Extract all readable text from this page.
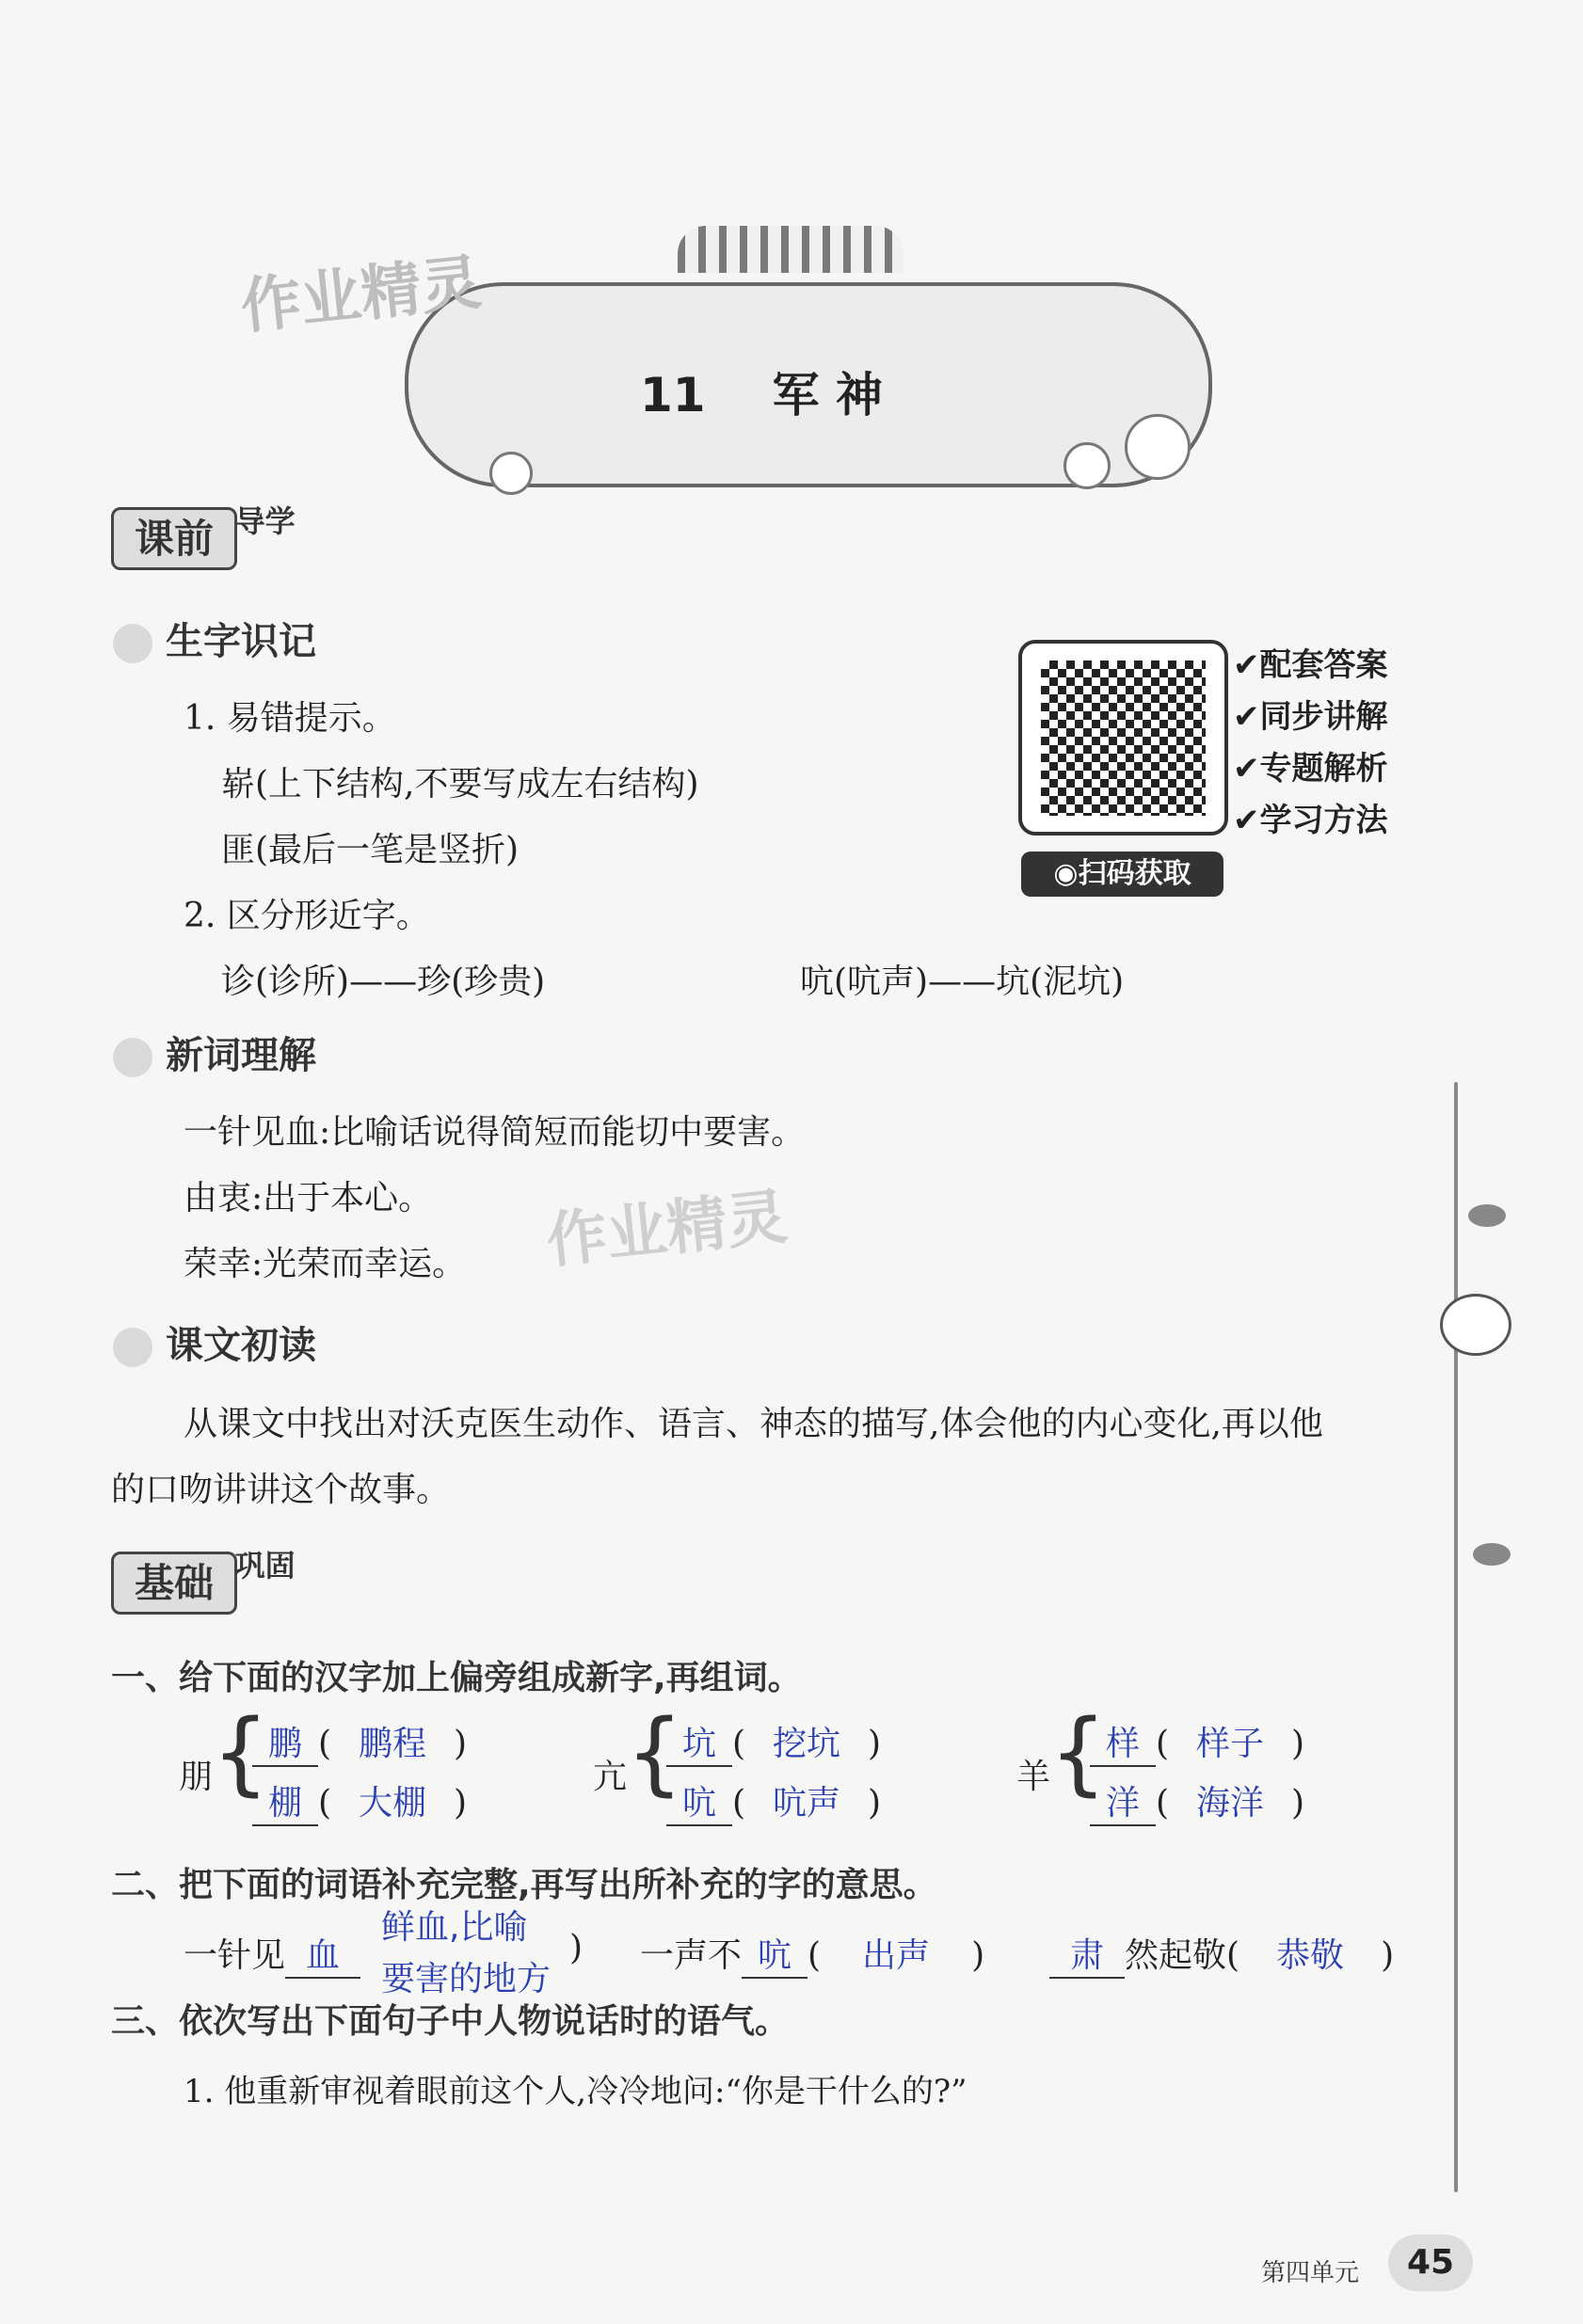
作业精灵
作业精灵
11 军 神
课前 导学
✔配套答案
✔同步讲解
✔专题解析
✔学习方法
◉扫码获取
生字识记
1. 易错提示。
崭(上下结构,不要写成左右结构)
匪(最后一笔是竖折)
2. 区分形近字。
诊(诊所)——珍(珍贵)	吭(吭声)——坑(泥坑)
新词理解
一针见血:比喻话说得简短而能切中要害。
由衷:出于本心。
荣幸:光荣而幸运。
课文初读
从课文中找出对沃克医生动作、语言、神态的描写,体会他的内心变化,再以他
的口吻讲讲这个故事。
基础 巩固
一、给下面的汉字加上偏旁组成新字,再组词。
朋
{
鹏 ( 鹏程 )
棚 ( 大棚 )
亢
{
坑 ( 挖坑 )
吭 ( 吭声 )
羊
{
样 ( 样子 )
洋 ( 海洋 )
二、把下面的词语补充完整,再写出所补充的字的意思。
一针见 血
鲜血,比喻
要害的地方
) 一声不 吭 ( 出声 )	肃 然起敬( 恭敬 )
三、依次写出下面句子中人物说话时的语气。
1. 他重新审视着眼前这个人,冷冷地问:“你是干什么的?”
第四单元	45
